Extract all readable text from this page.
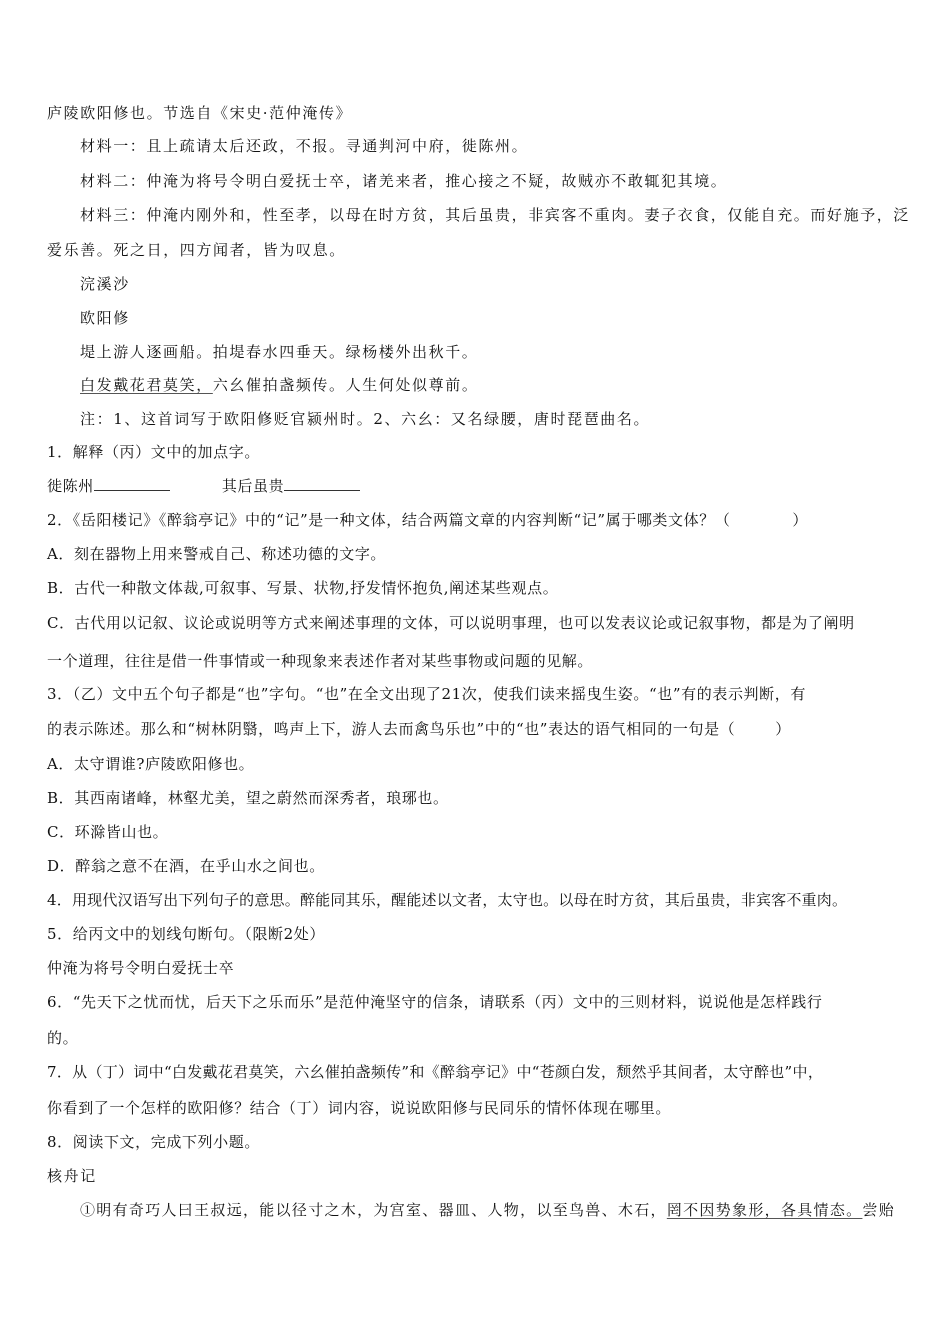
庐陵欧阳修也。节选自《宋史·范仲淹传》
材料一：且上疏请太后还政，不报。寻通判河中府，徙陈州。
材料二：仲淹为将号令明白爱抚士卒，诸羌来者，推心接之不疑，故贼亦不敢辄犯其境。
材料三：仲淹内刚外和，性至孝，以母在时方贫，其后虽贵，非宾客不重肉。妻子衣食，仅能自充。而好施予，泛
爱乐善。死之日，四方闻者，皆为叹息。
浣溪沙
欧阳修
堤上游人逐画船。拍堤春水四垂天。绿杨楼外出秋千。
白发戴花君莫笑，六幺催拍盏频传。人生何处似尊前。
注：1、这首词写于欧阳修贬官颍州时。2、六幺：又名绿腰，唐时琵琶曲名。
1．解释（丙）文中的加点字。
徙陈州	其后虽贵
2．《岳阳楼记》《醉翁亭记》中的“记”是一种文体，结合两篇文章的内容判断“记”属于哪类文体？（	）
A．刻在器物上用来警戒自己、称述功德的文字。
B．古代一种散文体裁,可叙事、写景、状物,抒发情怀抱负,阐述某些观点。
C．古代用以记叙、议论或说明等方式来阐述事理的文体，可以说明事理，也可以发表议论或记叙事物，都是为了阐明
一个道理，往往是借一件事情或一种现象来表述作者对某些事物或问题的见解。
3．（乙）文中五个句子都是“也”字句。“也”在全文出现了21次，使我们读来摇曳生姿。“也”有的表示判断，有
的表示陈述。那么和“树林阴翳，鸣声上下，游人去而禽鸟乐也”中的“也”表达的语气相同的一句是（	）
A．太守谓谁?庐陵欧阳修也。
B．其西南诸峰，林壑尤美，望之蔚然而深秀者，琅琊也。
C．环滁皆山也。
D．醉翁之意不在酒，在乎山水之间也。
4．用现代汉语写出下列句子的意思。醉能同其乐，醒能述以文者，太守也。以母在时方贫，其后虽贵，非宾客不重肉。
5．给丙文中的划线句断句。（限断2处）
仲淹为将号令明白爱抚士卒
6．“先天下之忧而忧，后天下之乐而乐”是范仲淹坚守的信条，请联系（丙）文中的三则材料，说说他是怎样践行
的。
7．从（丁）词中“白发戴花君莫笑，六幺催拍盏频传”和《醉翁亭记》中“苍颜白发，颓然乎其间者，太守醉也”中，
你看到了一个怎样的欧阳修？结合（丁）词内容，说说欧阳修与民同乐的情怀体现在哪里。
8．阅读下文，完成下列小题。
核舟记
①明有奇巧人曰王叔远，能以径寸之木，为宫室、器皿、人物，以至鸟兽、木石，罔不因势象形，各具情态。尝贻
